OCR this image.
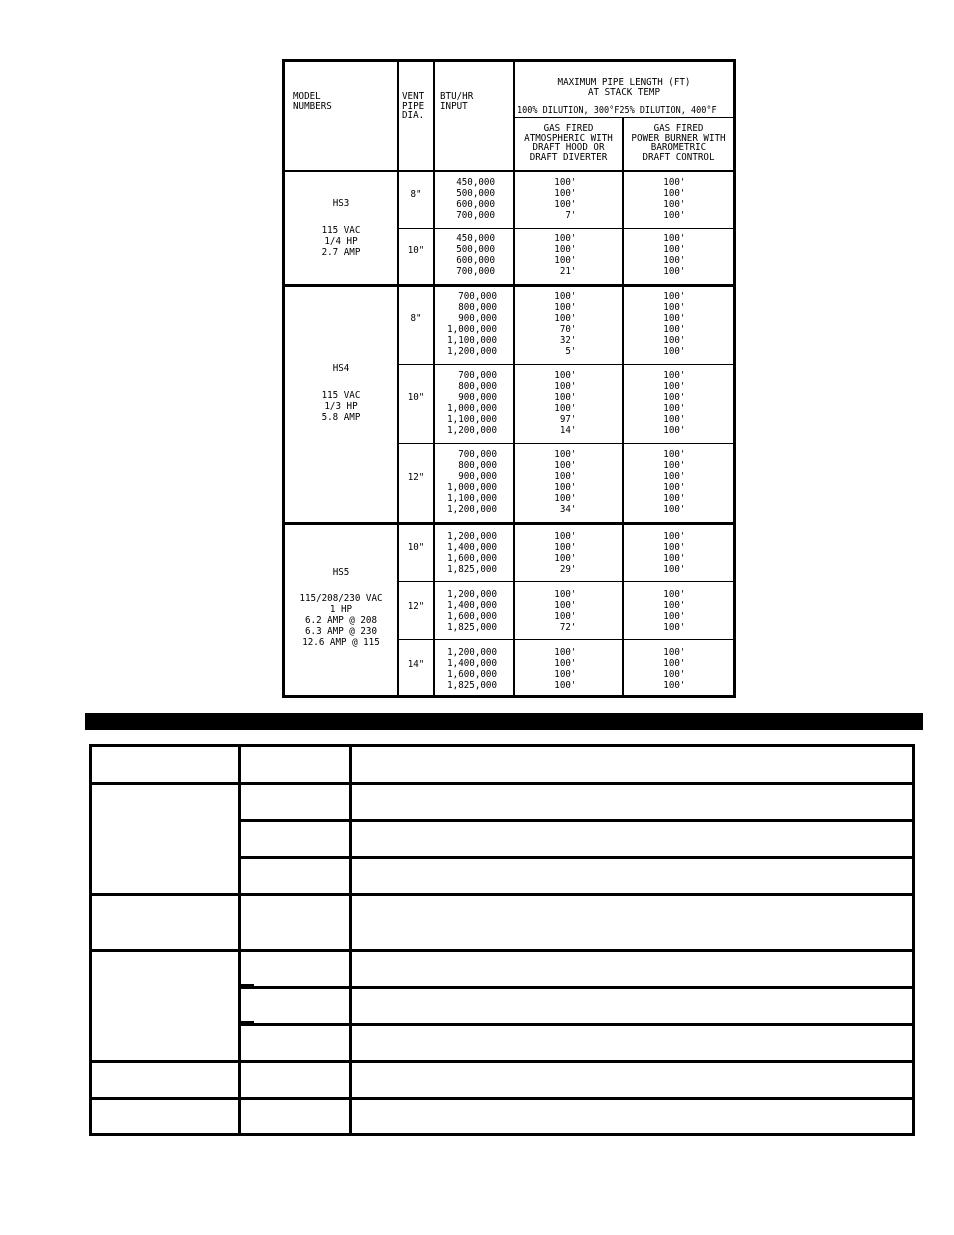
MODEL
NUMBERS
VENT
PIPE
DIA.
BTU/HR
INPUT
MAXIMUM PIPE LENGTH (FT)
AT STACK TEMP
100% DILUTION, 300°F25% DILUTION, 400°F
GAS FIRED
ATMOSPHERIC WITH
DRAFT HOOD OR
DRAFT DIVERTER
GAS FIRED
POWER BURNER WITH
BAROMETRIC
DRAFT CONTROL
HS3
115 VAC
1/4 HP
2.7 AMP
8"
450,000
500,000
600,000
700,000
100'
100'
100'
7'
100'
100'
100'
100'
10"
450,000
500,000
600,000
700,000
100'
100'
100'
21'
100'
100'
100'
100'
HS4
115 VAC
1/3 HP
5.8 AMP
8"
700,000
800,000
900,000
1,000,000
1,100,000
1,200,000
100'
100'
100'
70'
32'
5'
100'
100'
100'
100'
100'
100'
10"
700,000
800,000
900,000
1,000,000
1,100,000
1,200,000
100'
100'
100'
100'
97'
14'
100'
100'
100'
100'
100'
100'
12"
700,000
800,000
900,000
1,000,000
1,100,000
1,200,000
100'
100'
100'
100'
100'
34'
100'
100'
100'
100'
100'
100'
HS5
115/208/230 VAC
1 HP
6.2 AMP @ 208
6.3 AMP @ 230
12.6 AMP @ 115
10"
1,200,000
1,400,000
1,600,000
1,825,000
100'
100'
100'
29'
100'
100'
100'
100'
12"
1,200,000
1,400,000
1,600,000
1,825,000
100'
100'
100'
72'
100'
100'
100'
100'
14"
1,200,000
1,400,000
1,600,000
1,825,000
100'
100'
100'
100'
100'
100'
100'
100'
